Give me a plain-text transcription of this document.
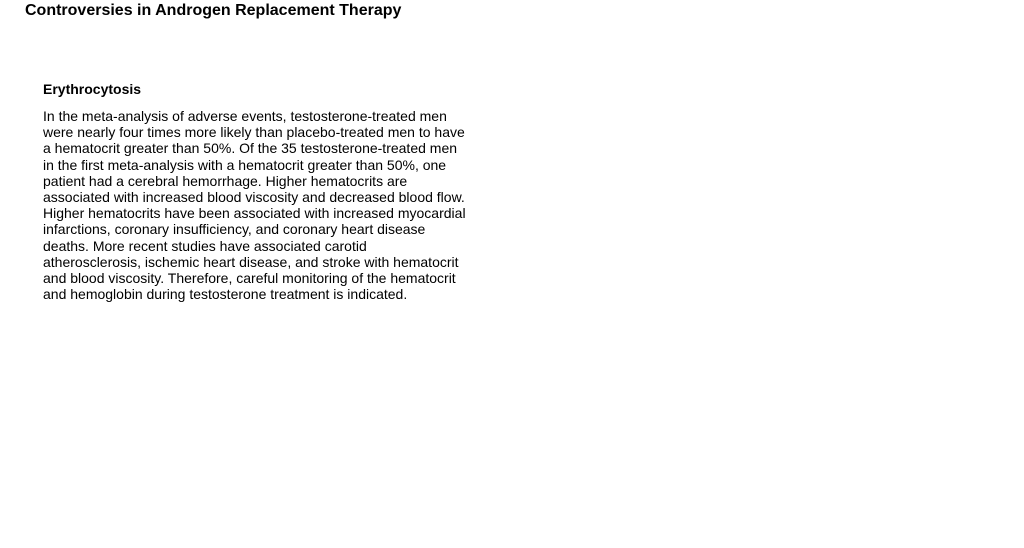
Controversies in Androgen Replacement Therapy
Erythrocytosis

In the meta-analysis of adverse events, testosterone-treated men
were nearly four times more likely than placebo-treated men to have
a hematocrit greater than 50%. Of the 35 testosterone-treated men
in the first meta-analysis with a hematocrit greater than 50%, one
patient had a cerebral hemorrhage. Higher hematocrits are
associated with increased blood viscosity and decreased blood flow.
Higher hematocrits have been associated with increased myocardial
infarctions, coronary insufficiency, and coronary heart disease
deaths. More recent studies have associated carotid
atherosclerosis, ischemic heart disease, and stroke with hematocrit
and blood viscosity. Therefore, careful monitoring of the hematocrit
and hemoglobin during testosterone treatment is indicated.
